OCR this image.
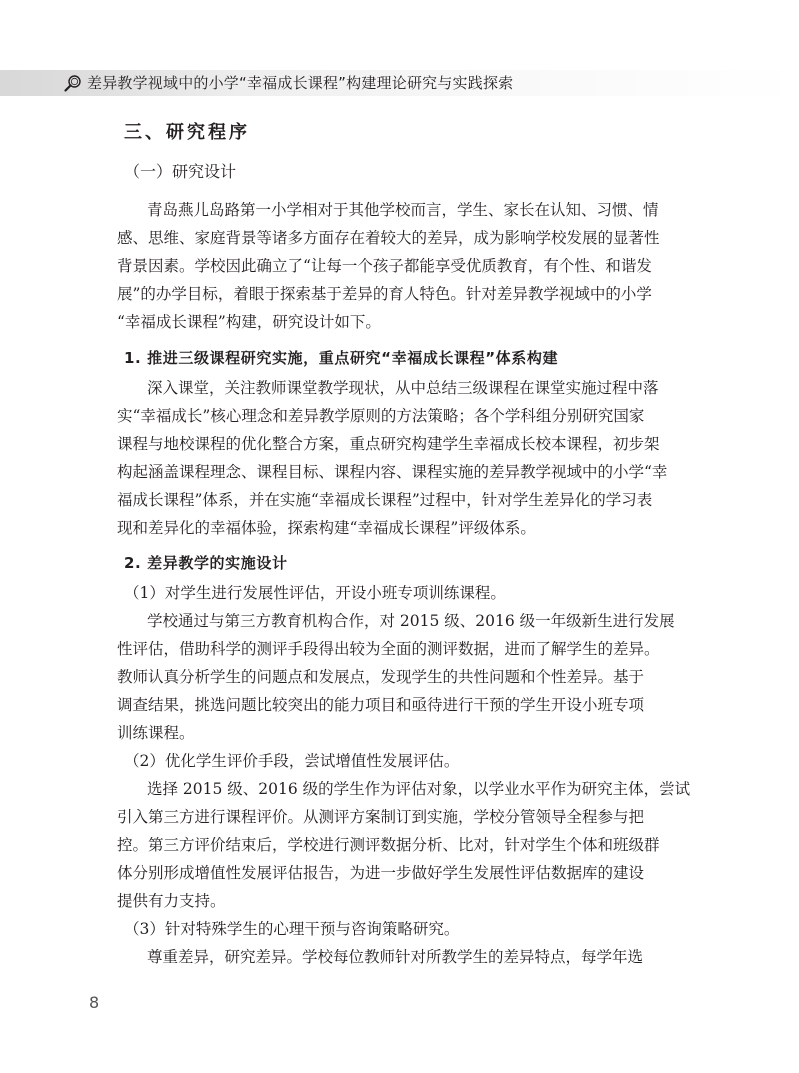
差异教学视域中的小学“幸福成长课程”构建理论研究与实践探索
三、研究程序
（一）研究设计
青岛燕儿岛路第一小学相对于其他学校而言，学生、家长在认知、习惯、情
感、思维、家庭背景等诸多方面存在着较大的差异，成为影响学校发展的显著性
背景因素。学校因此确立了“让每一个孩子都能享受优质教育，有个性、和谐发
展”的办学目标，着眼于探索基于差异的育人特色。针对差异教学视域中的小学
“幸福成长课程”构建，研究设计如下。
1. 推进三级课程研究实施，重点研究“幸福成长课程”体系构建
深入课堂，关注教师课堂教学现状，从中总结三级课程在课堂实施过程中落
实“幸福成长”核心理念和差异教学原则的方法策略；各个学科组分别研究国家
课程与地校课程的优化整合方案，重点研究构建学生幸福成长校本课程，初步架
构起涵盖课程理念、课程目标、课程内容、课程实施的差异教学视域中的小学“幸
福成长课程”体系，并在实施“幸福成长课程”过程中，针对学生差异化的学习表
现和差异化的幸福体验，探索构建“幸福成长课程”评级体系。
2. 差异教学的实施设计
（1）对学生进行发展性评估，开设小班专项训练课程。
学校通过与第三方教育机构合作，对 2015 级、2016 级一年级新生进行发展
性评估，借助科学的测评手段得出较为全面的测评数据，进而了解学生的差异。
教师认真分析学生的问题点和发展点，发现学生的共性问题和个性差异。基于
调查结果，挑选问题比较突出的能力项目和亟待进行干预的学生开设小班专项
训练课程。
（2）优化学生评价手段，尝试增值性发展评估。
选择 2015 级、2016 级的学生作为评估对象，以学业水平作为研究主体，尝试
引入第三方进行课程评价。从测评方案制订到实施，学校分管领导全程参与把
控。第三方评价结束后，学校进行测评数据分析、比对，针对学生个体和班级群
体分别形成增值性发展评估报告，为进一步做好学生发展性评估数据库的建设
提供有力支持。
（3）针对特殊学生的心理干预与咨询策略研究。
尊重差异，研究差异。学校每位教师针对所教学生的差异特点，每学年选
8
